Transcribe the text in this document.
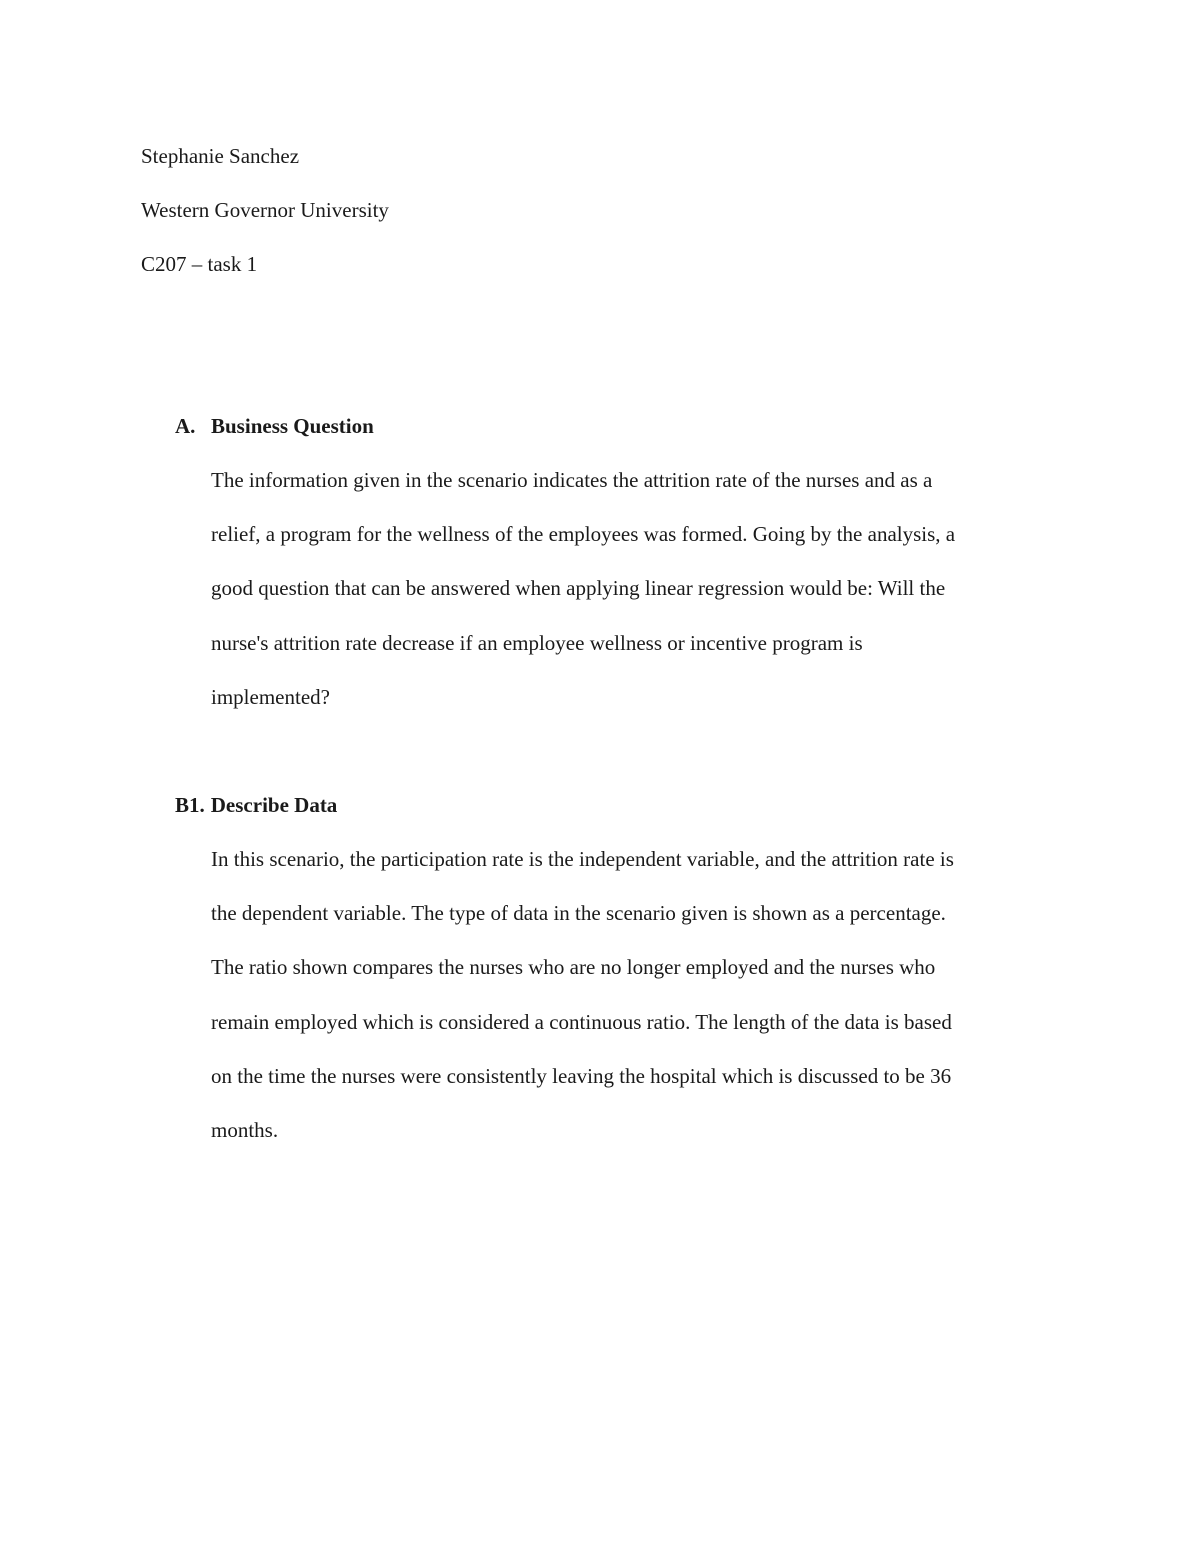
Stephanie Sanchez
Western Governor University
C207 – task 1
A. Business Question
The information given in the scenario indicates the attrition rate of the nurses and as a
relief, a program for the wellness of the employees was formed. Going by the analysis, a
good question that can be answered when applying linear regression would be: Will the
nurse's attrition rate decrease if an employee wellness or incentive program is
implemented?
B1. Describe Data
In this scenario, the participation rate is the independent variable, and the attrition rate is
the dependent variable. The type of data in the scenario given is shown as a percentage.
The ratio shown compares the nurses who are no longer employed and the nurses who
remain employed which is considered a continuous ratio. The length of the data is based
on the time the nurses were consistently leaving the hospital which is discussed to be 36
months.
